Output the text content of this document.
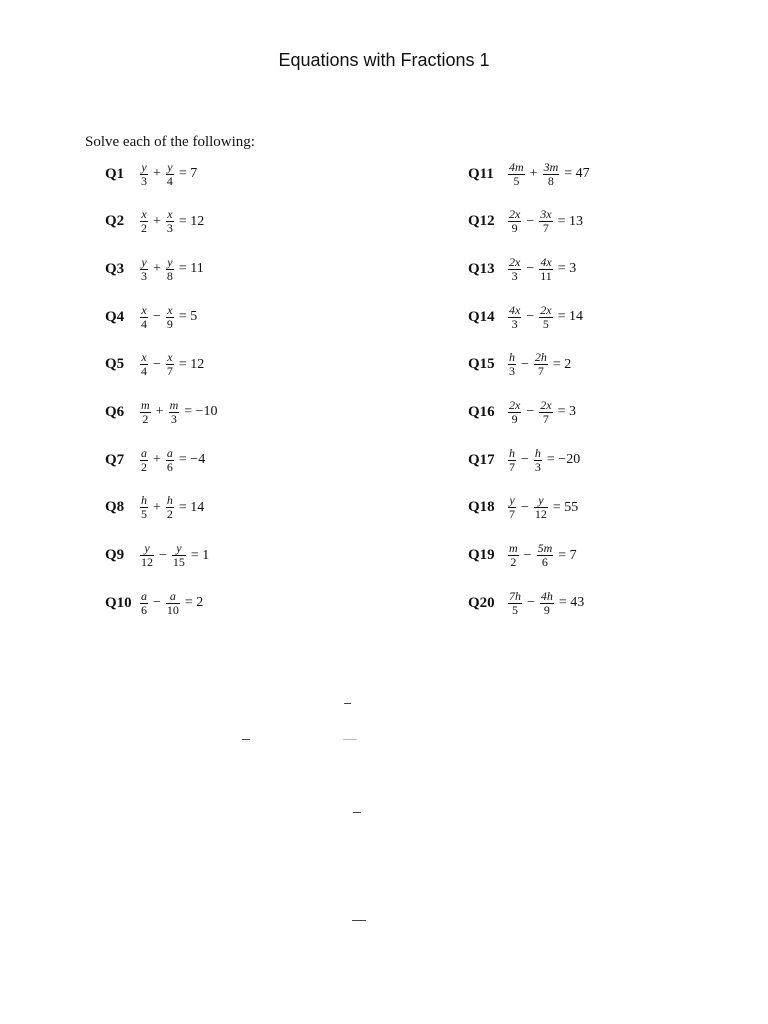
Equations with Fractions 1
Solve each of the following:
Q1	$\frac{y}{3} + \frac{y}{4} = 7$
Q2	$\frac{x}{2} + \frac{x}{3} = 12$
Q3	$\frac{y}{3} + \frac{y}{8} = 11$
Q4	$\frac{x}{4} - \frac{x}{9} = 5$
Q5	$\frac{x}{4} - \frac{x}{7} = 12$
Q6	$\frac{m}{2} + \frac{m}{3} = -10$
Q7	$\frac{a}{2} + \frac{a}{6} = -4$
Q8	$\frac{h}{5} + \frac{h}{2} = 14$
Q9	$\frac{y}{12} - \frac{y}{15} = 1$
$Q10 \frac{a}{6} - \frac{a}{10} = 2$
Q11	$\frac{4m}{5} + \frac{3m}{8} = 47$
Q12	$\frac{2x}{9} - \frac{3x}{7} = 13$
Q13	$\frac{2x}{3} - \frac{4x}{11} = 3$
Q14	$\frac{4x}{3} - \frac{2x}{5} = 14$
Q15	$\frac{h}{3} - \frac{2h}{7} = 2$
Q16	$\frac{2x}{9} - \frac{2x}{7} = 3$
Q17	$\frac{h}{7} - \frac{h}{3} = -20$
Q18	$\frac{y}{7} - \frac{y}{12} = 55$
Q19	$\frac{m}{2} - \frac{5m}{6} = 7$
Q20	$\frac{7h}{5} - \frac{4h}{9} = 43$
